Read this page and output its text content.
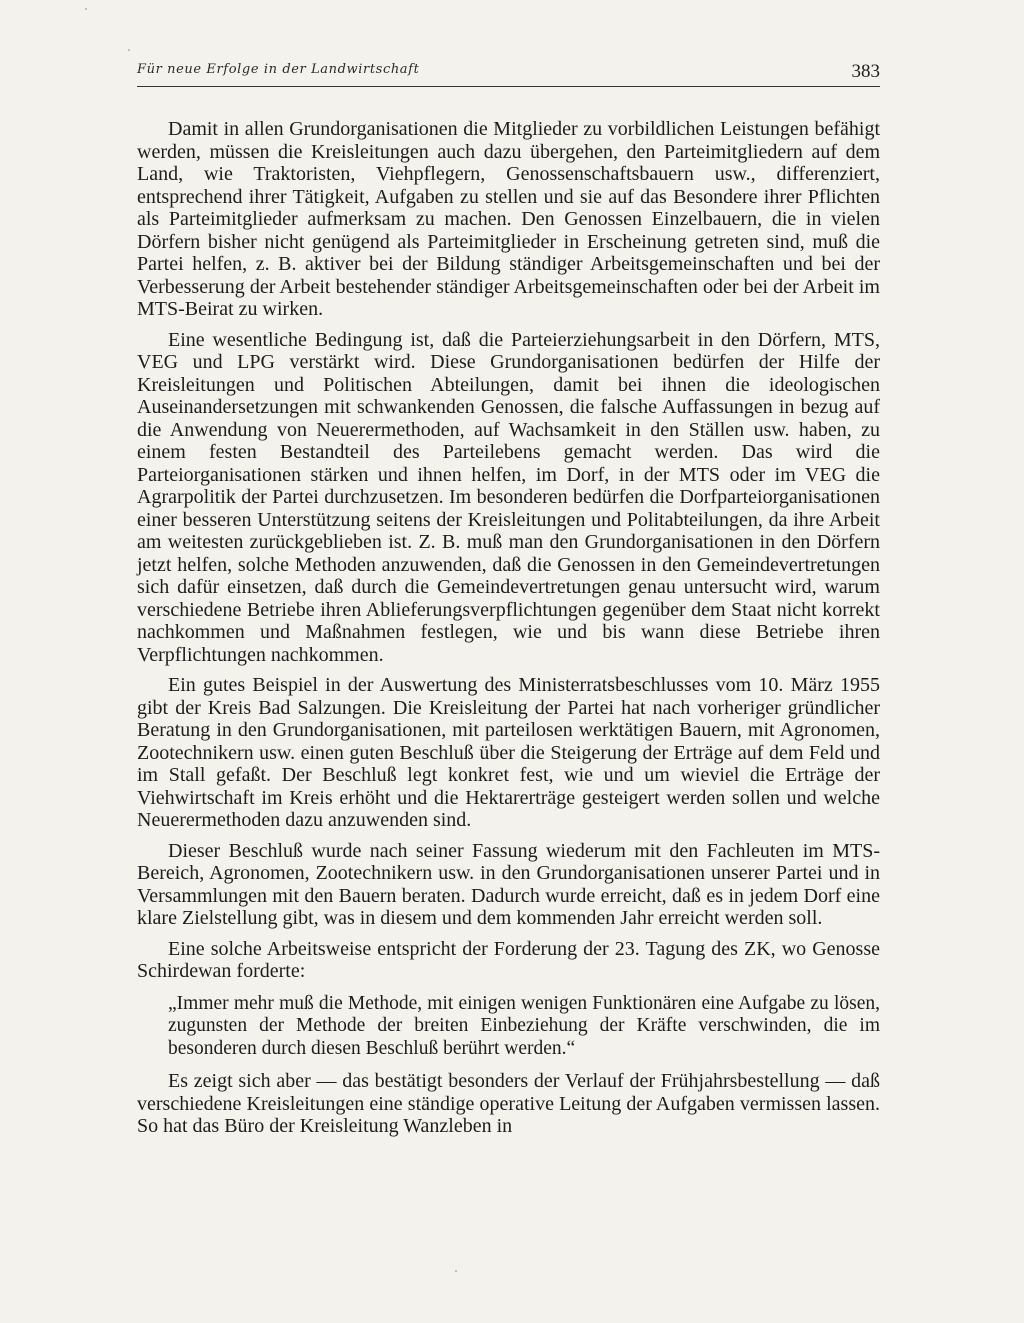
Für neue Erfolge in der Landwirtschaft	383

Damit in allen Grundorganisationen die Mitglieder zu vorbildlichen Leistungen befähigt werden, müssen die Kreisleitungen auch dazu übergehen, den Parteimitgliedern auf dem Land, wie Traktoristen, Viehpflegern, Genossenschaftsbauern usw., differenziert, entsprechend ihrer Tätigkeit, Aufgaben zu stellen und sie auf das Besondere ihrer Pflichten als Parteimitglieder aufmerksam zu machen. Den Genossen Einzelbauern, die in vielen Dörfern bisher nicht genügend als Parteimitglieder in Erscheinung getreten sind, muß die Partei helfen, z. B. aktiver bei der Bildung ständiger Arbeitsgemeinschaften und bei der Verbesserung der Arbeit bestehender ständiger Arbeitsgemeinschaften oder bei der Arbeit im MTS-Beirat zu wirken.

Eine wesentliche Bedingung ist, daß die Parteierziehungsarbeit in den Dörfern, MTS, VEG und LPG verstärkt wird. Diese Grundorganisationen bedürfen der Hilfe der Kreisleitungen und Politischen Abteilungen, damit bei ihnen die ideologischen Auseinandersetzungen mit schwankenden Genossen, die falsche Auffassungen in bezug auf die Anwendung von Neuerermethoden, auf Wachsamkeit in den Ställen usw. haben, zu einem festen Bestandteil des Parteilebens gemacht werden. Das wird die Parteiorganisationen stärken und ihnen helfen, im Dorf, in der MTS oder im VEG die Agrarpolitik der Partei durchzusetzen. Im besonderen bedürfen die Dorfparteiorganisationen einer besseren Unterstützung seitens der Kreisleitungen und Politabteilungen, da ihre Arbeit am weitesten zurückgeblieben ist. Z. B. muß man den Grundorganisationen in den Dörfern jetzt helfen, solche Methoden anzuwenden, daß die Genossen in den Gemeindevertretungen sich dafür einsetzen, daß durch die Gemeindevertretungen genau untersucht wird, warum verschiedene Betriebe ihren Ablieferungsverpflichtungen gegenüber dem Staat nicht korrekt nachkommen und Maßnahmen festlegen, wie und bis wann diese Betriebe ihren Verpflichtungen nachkommen.

Ein gutes Beispiel in der Auswertung des Ministerratsbeschlusses vom 10. März 1955 gibt der Kreis Bad Salzungen. Die Kreisleitung der Partei hat nach vorheriger gründlicher Beratung in den Grundorganisationen, mit parteilosen werktätigen Bauern, mit Agronomen, Zootechnikern usw. einen guten Beschluß über die Steigerung der Erträge auf dem Feld und im Stall gefaßt. Der Beschluß legt konkret fest, wie und um wieviel die Erträge der Viehwirtschaft im Kreis erhöht und die Hektarerträge gesteigert werden sollen und welche Neuerermethoden dazu anzuwenden sind.

Dieser Beschluß wurde nach seiner Fassung wiederum mit den Fachleuten im MTS-Bereich, Agronomen, Zootechnikern usw. in den Grundorganisationen unserer Partei und in Versammlungen mit den Bauern beraten. Dadurch wurde erreicht, daß es in jedem Dorf eine klare Zielstellung gibt, was in diesem und dem kommenden Jahr erreicht werden soll.

Eine solche Arbeitsweise entspricht der Forderung der 23. Tagung des ZK, wo Genosse Schirdewan forderte:

„Immer mehr muß die Methode, mit einigen wenigen Funktionären eine Aufgabe zu lösen, zugunsten der Methode der breiten Einbeziehung der Kräfte verschwinden, die im besonderen durch diesen Beschluß berührt werden.“

Es zeigt sich aber — das bestätigt besonders der Verlauf der Frühjahrsbestellung — daß verschiedene Kreisleitungen eine ständige operative Leitung der Aufgaben vermissen lassen. So hat das Büro der Kreisleitung Wanzleben in
